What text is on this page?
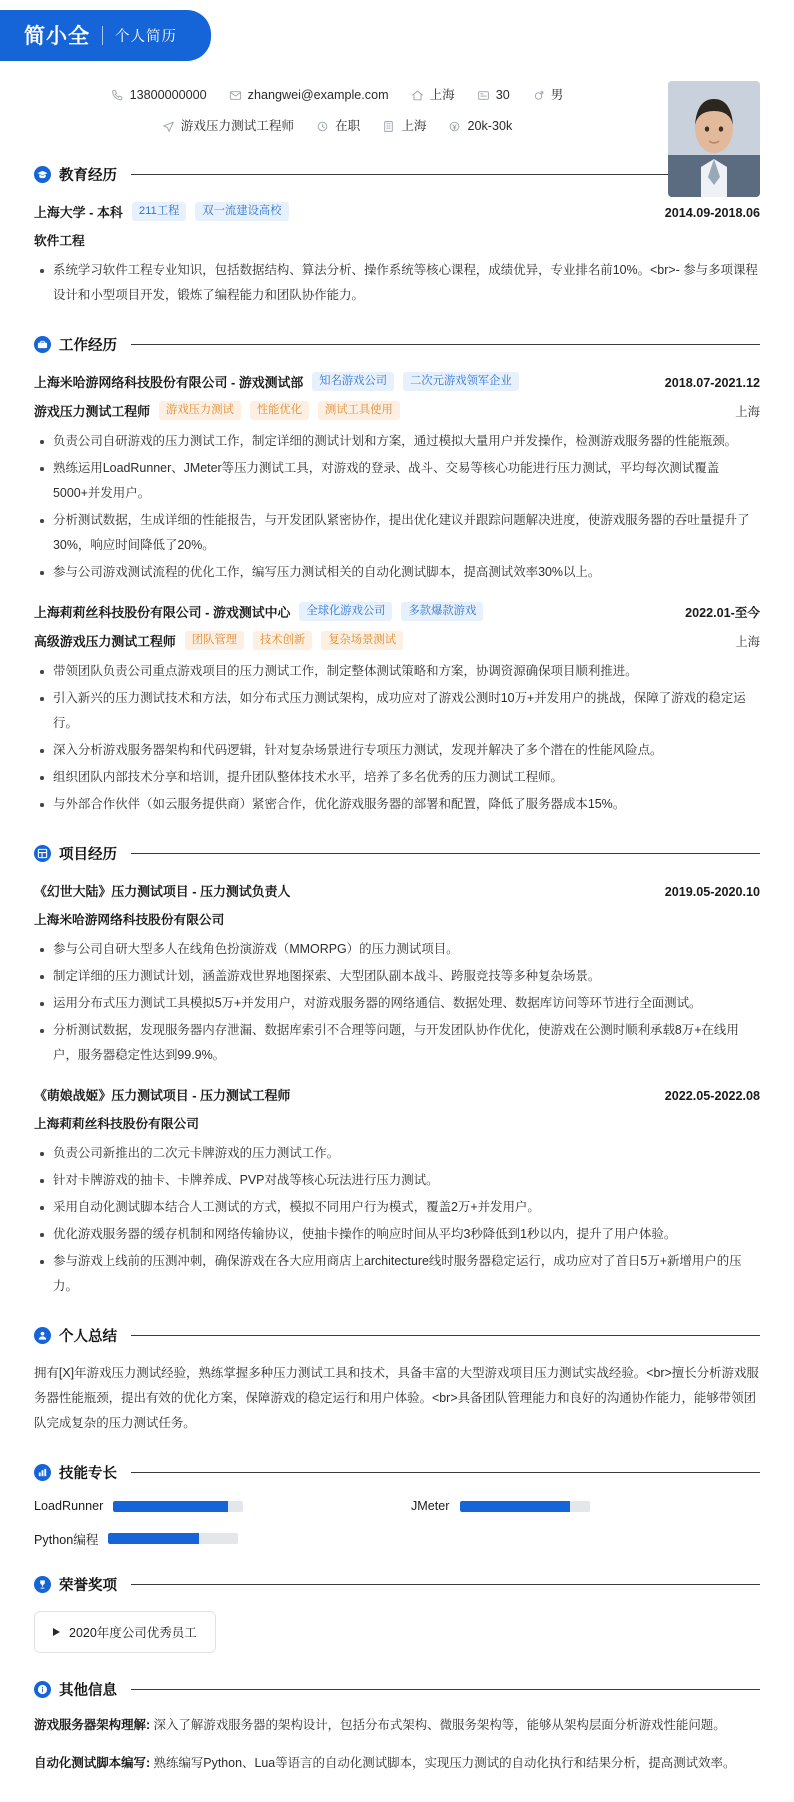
简小全 个人简历
13800000000	zhangwei@example.com	上海	30	男
游戏压力测试工程师	在职	上海	20k-30k
教育经历
上海大学 - 本科	211工程	双一流建设高校	2014.09-2018.06
软件工程
系统学习软件工程专业知识，包括数据结构、算法分析、操作系统等核心课程，成绩优异，专业排名前10%。<br>- 参与多项课程设计和小型项目开发，锻炼了编程能力和团队协作能力。
工作经历
上海米哈游网络科技股份有限公司 - 游戏测试部	知名游戏公司	二次元游戏领军企业	2018.07-2021.12
游戏压力测试工程师	游戏压力测试	性能优化	测试工具使用	上海
负责公司自研游戏的压力测试工作，制定详细的测试计划和方案，通过模拟大量用户并发操作，检测游戏服务器的性能瓶颈。
熟练运用LoadRunner、JMeter等压力测试工具，对游戏的登录、战斗、交易等核心功能进行压力测试，平均每次测试覆盖5000+并发用户。
分析测试数据，生成详细的性能报告，与开发团队紧密协作，提出优化建议并跟踪问题解决进度，使游戏服务器的吞吐量提升了30%，响应时间降低了20%。
参与公司游戏测试流程的优化工作，编写压力测试相关的自动化测试脚本，提高测试效率30%以上。
上海莉莉丝科技股份有限公司 - 游戏测试中心	全球化游戏公司	多款爆款游戏	2022.01-至今
高级游戏压力测试工程师	团队管理	技术创新	复杂场景测试	上海
带领团队负责公司重点游戏项目的压力测试工作，制定整体测试策略和方案，协调资源确保项目顺利推进。
引入新兴的压力测试技术和方法，如分布式压力测试架构，成功应对了游戏公测时10万+并发用户的挑战，保障了游戏的稳定运行。
深入分析游戏服务器架构和代码逻辑，针对复杂场景进行专项压力测试，发现并解决了多个潜在的性能风险点。
组织团队内部技术分享和培训，提升团队整体技术水平，培养了多名优秀的压力测试工程师。
与外部合作伙伴（如云服务提供商）紧密合作，优化游戏服务器的部署和配置，降低了服务器成本15%。
项目经历
《幻世大陆》压力测试项目 - 压力测试负责人	2019.05-2020.10
上海米哈游网络科技股份有限公司
参与公司自研大型多人在线角色扮演游戏（MMORPG）的压力测试项目。
制定详细的压力测试计划，涵盖游戏世界地图探索、大型团队副本战斗、跨服竞技等多种复杂场景。
运用分布式压力测试工具模拟5万+并发用户，对游戏服务器的网络通信、数据处理、数据库访问等环节进行全面测试。
分析测试数据，发现服务器内存泄漏、数据库索引不合理等问题，与开发团队协作优化，使游戏在公测时顺利承载8万+在线用户，服务器稳定性达到99.9%。
《萌娘战姬》压力测试项目 - 压力测试工程师	2022.05-2022.08
上海莉莉丝科技股份有限公司
负责公司新推出的二次元卡牌游戏的压力测试工作。
针对卡牌游戏的抽卡、卡牌养成、PVP对战等核心玩法进行压力测试。
采用自动化测试脚本结合人工测试的方式，模拟不同用户行为模式，覆盖2万+并发用户。
优化游戏服务器的缓存机制和网络传输协议，使抽卡操作的响应时间从平均3秒降低到1秒以内，提升了用户体验。
参与游戏上线前的压测冲刺，确保游戏在各大应用商店上architecture线时服务器稳定运行，成功应对了首日5万+新增用户的压力。
个人总结
拥有[X]年游戏压力测试经验，熟练掌握多种压力测试工具和技术，具备丰富的大型游戏项目压力测试实战经验。<br>擅长分析游戏服务器性能瓶颈，提出有效的优化方案，保障游戏的稳定运行和用户体验。<br>具备团队管理能力和良好的沟通协作能力，能够带领团队完成复杂的压力测试任务。
技能专长
LoadRunner	JMeter
Python编程
荣誉奖项
2020年度公司优秀员工
其他信息
游戏服务器架构理解: 深入了解游戏服务器的架构设计，包括分布式架构、微服务架构等，能够从架构层面分析游戏性能问题。
自动化测试脚本编写: 熟练编写Python、Lua等语言的自动化测试脚本，实现压力测试的自动化执行和结果分析，提高测试效率。
